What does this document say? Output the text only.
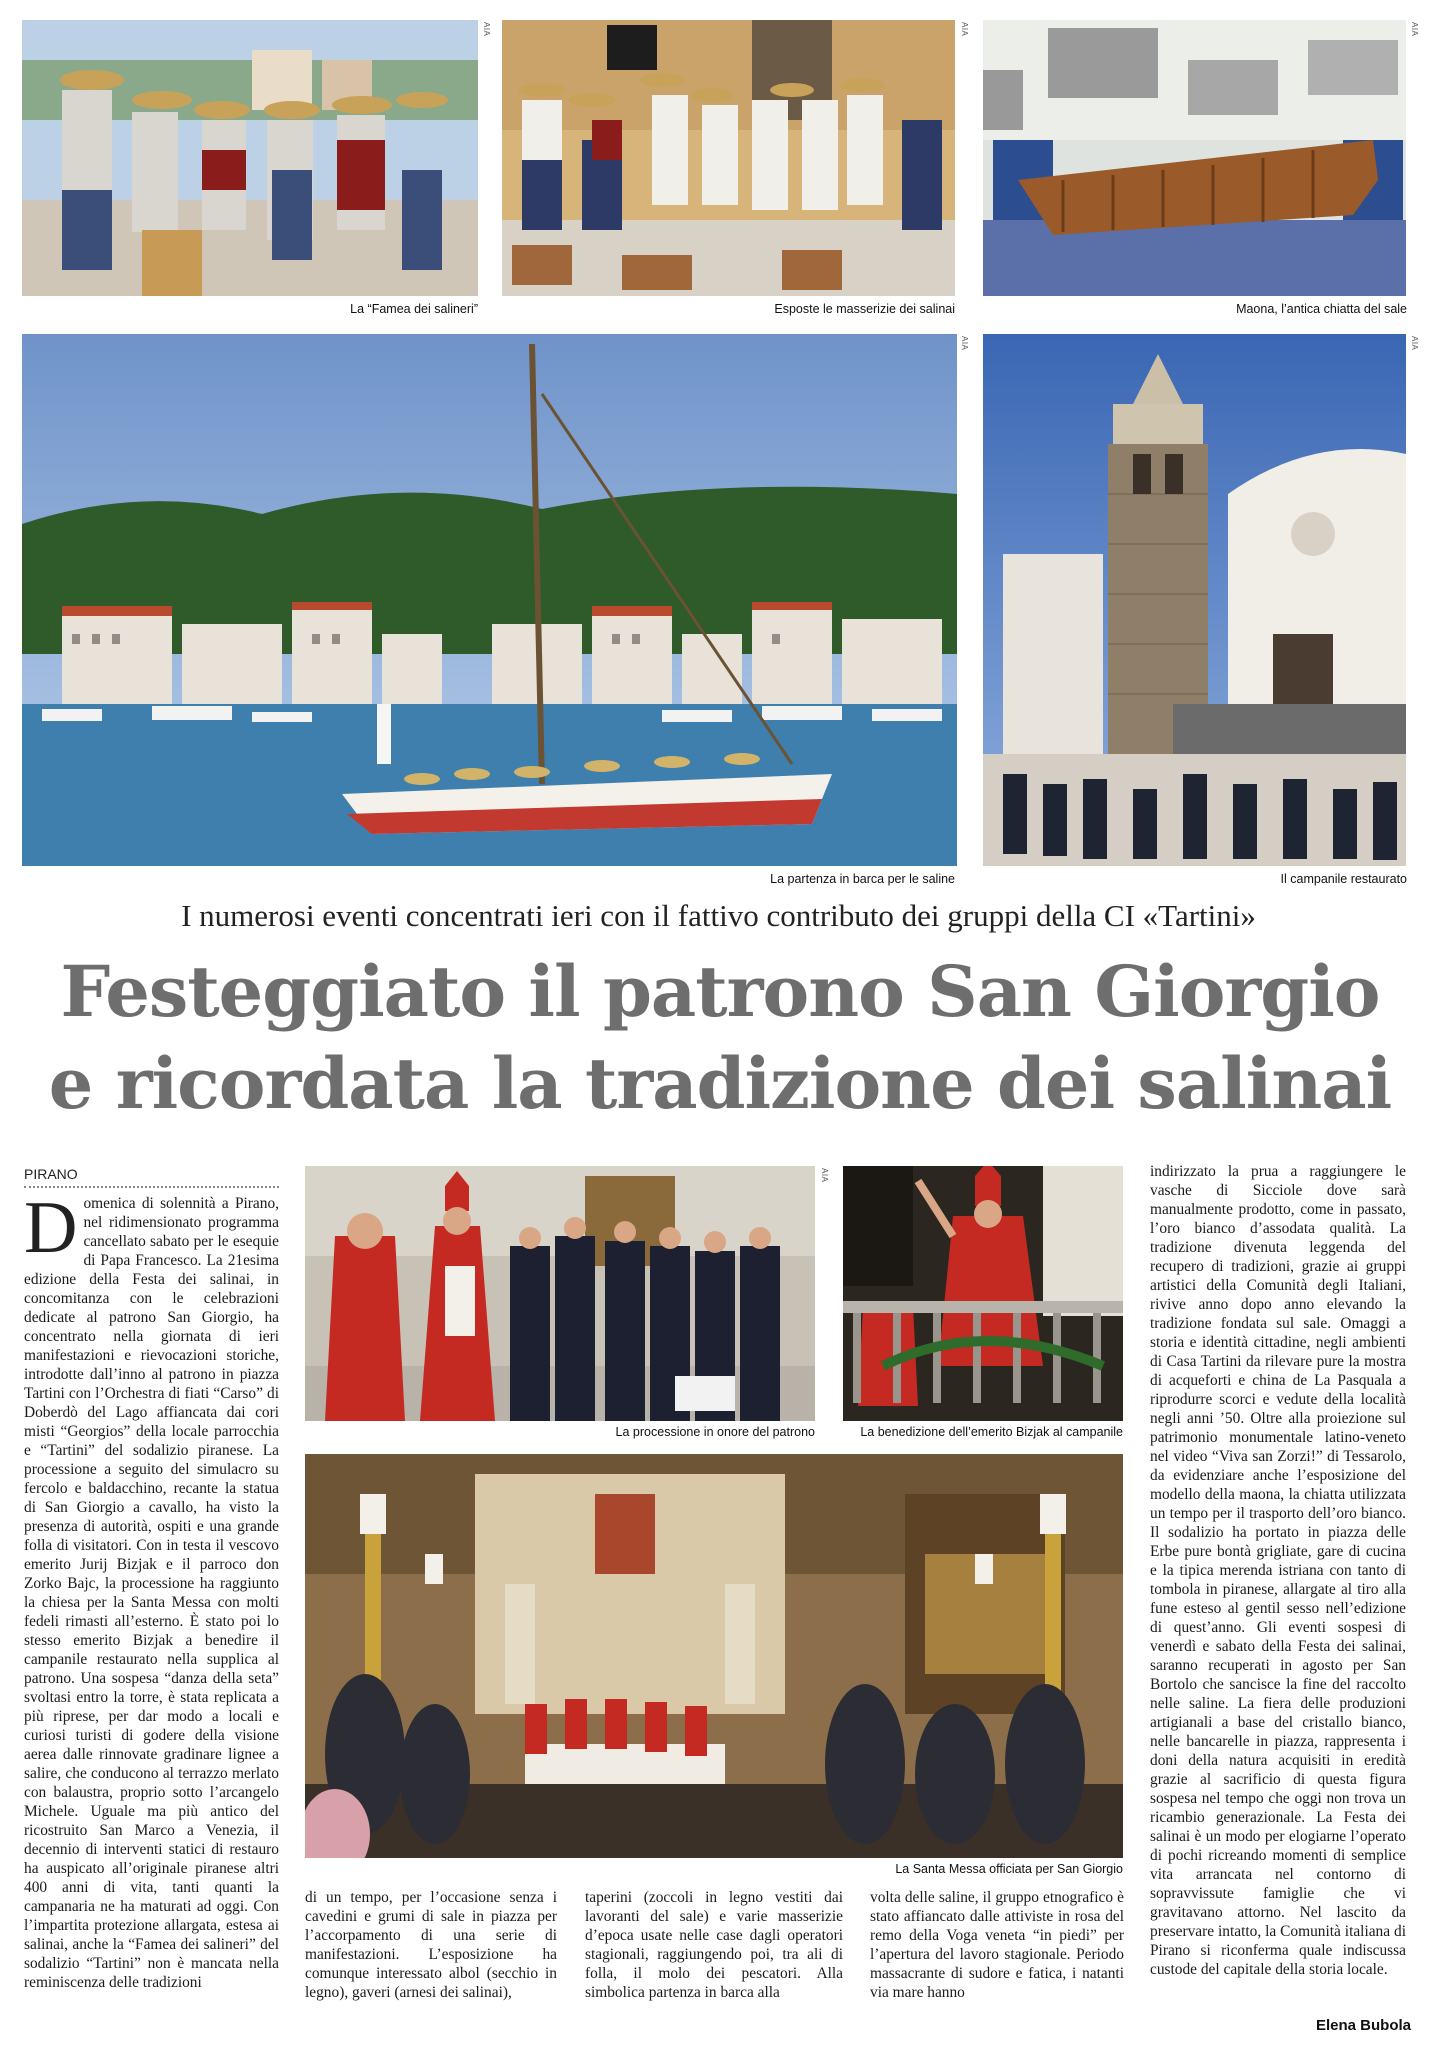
AIA
La “Famea dei salineri”
AIA
Esposte le masserizie dei salinai
AIA
Maona, l’antica chiatta del sale
AIA
La partenza in barca per le saline
AIA
Il campanile restaurato
I numerosi eventi concentrati ieri con il fattivo contributo dei gruppi della CI «Tartini»
Festeggiato il patrono San Giorgio
e ricordata la tradizione dei salinai
PIRANO
Domenica di solennità a Pirano, nel ridimensionato programma cancellato sabato per le esequie di Papa Francesco. La 21esima edizione della Festa dei salinai, in concomitanza con le celebrazioni dedicate al patrono San Giorgio, ha concentrato nella giornata di ieri manifestazioni e rievocazioni storiche, introdotte dall’inno al patrono in piazza Tartini con l’Orchestra di fiati “Carso” di Doberdò del Lago affiancata dai cori misti “Georgios” della locale parrocchia e “Tartini” del sodalizio piranese. La processione a seguito del simulacro su fercolo e baldacchino, recante la statua di San Giorgio a cavallo, ha visto la presenza di autorità, ospiti e una grande folla di visitatori. Con in testa il vescovo emerito Jurij Bizjak e il parroco don Zorko Bajc, la processione ha raggiunto la chiesa per la Santa Messa con molti fedeli rimasti all’esterno. È stato poi lo stesso emerito Bizjak a benedire il campanile restaurato nella supplica al patrono. Una sospesa “danza della seta” svoltasi entro la torre, è stata replicata a più riprese, per dar modo a locali e curiosi turisti di godere della visione aerea dalle rinnovate gradinare lignee a salire, che conducono al terrazzo merlato con balaustra, proprio sotto l’arcangelo Michele. Uguale ma più antico del ricostruito San Marco a Venezia, il decennio di interventi statici di restauro ha auspicato all’originale piranese altri 400 anni di vita, tanti quanti la campanaria ne ha maturati ad oggi. Con l’impartita protezione allargata, estesa ai salinai, anche la “Famea dei salineri” del sodalizio “Tartini” non è mancata nella reminiscenza delle tradizioni
AIA
La processione in onore del patrono	La benedizione dell’emerito Bizjak al campanile
La Santa Messa officiata per San Giorgio
di un tempo, per l’occasione senza i cavedini e grumi di sale in piazza per l’accorpamento di una serie di manifestazioni. L’esposizione ha comunque interessato albol (secchio in legno), gaveri (arnesi dei salinai),
taperini (zoccoli in legno vestiti dai lavoranti del sale) e varie masserizie d’epoca usate nelle case dagli operatori stagionali, raggiungendo poi, tra ali di folla, il molo dei pescatori. Alla simbolica partenza in barca alla
volta delle saline, il gruppo etnografico è stato affiancato dalle attiviste in rosa del remo della Voga veneta “in piedi” per l’apertura del lavoro stagionale. Periodo massacrante di sudore e fatica, i natanti via mare hanno
indirizzato la prua a raggiungere le vasche di Sicciole dove sarà manualmente prodotto, come in passato, l’oro bianco d’assodata qualità. La tradizione divenuta leggenda del recupero di tradizioni, grazie ai gruppi artistici della Comunità degli Italiani, rivive anno dopo anno elevando la tradizione fondata sul sale. Omaggi a storia e identità cittadine, negli ambienti di Casa Tartini da rilevare pure la mostra di acqueforti e china de La Pasquala a riprodurre scorci e vedute della località negli anni ’50. Oltre alla proiezione sul patrimonio monumentale latino-veneto nel video “Viva san Zorzi!” di Tessarolo, da evidenziare anche l’esposizione del modello della maona, la chiatta utilizzata un tempo per il trasporto dell’oro bianco. Il sodalizio ha portato in piazza delle Erbe pure bontà grigliate, gare di cucina e la tipica merenda istriana con tanto di tombola in piranese, allargate al tiro alla fune esteso al gentil sesso nell’edizione di quest’anno. Gli eventi sospesi di venerdì e sabato della Festa dei salinai, saranno recuperati in agosto per San Bortolo che sancisce la fine del raccolto nelle saline. La fiera delle produzioni artigianali a base del cristallo bianco, nelle bancarelle in piazza, rappresenta i doni della natura acquisiti in eredità grazie al sacrificio di questa figura sospesa nel tempo che oggi non trova un ricambio generazionale. La Festa dei salinai è un modo per elogiarne l’operato di pochi ricreando momenti di semplice vita arrancata nel contorno di sopravvissute famiglie che vi gravitavano attorno. Nel lascito da preservare intatto, la Comunità italiana di Pirano si riconferma quale indiscussa custode del capitale della storia locale.
Elena Bubola
